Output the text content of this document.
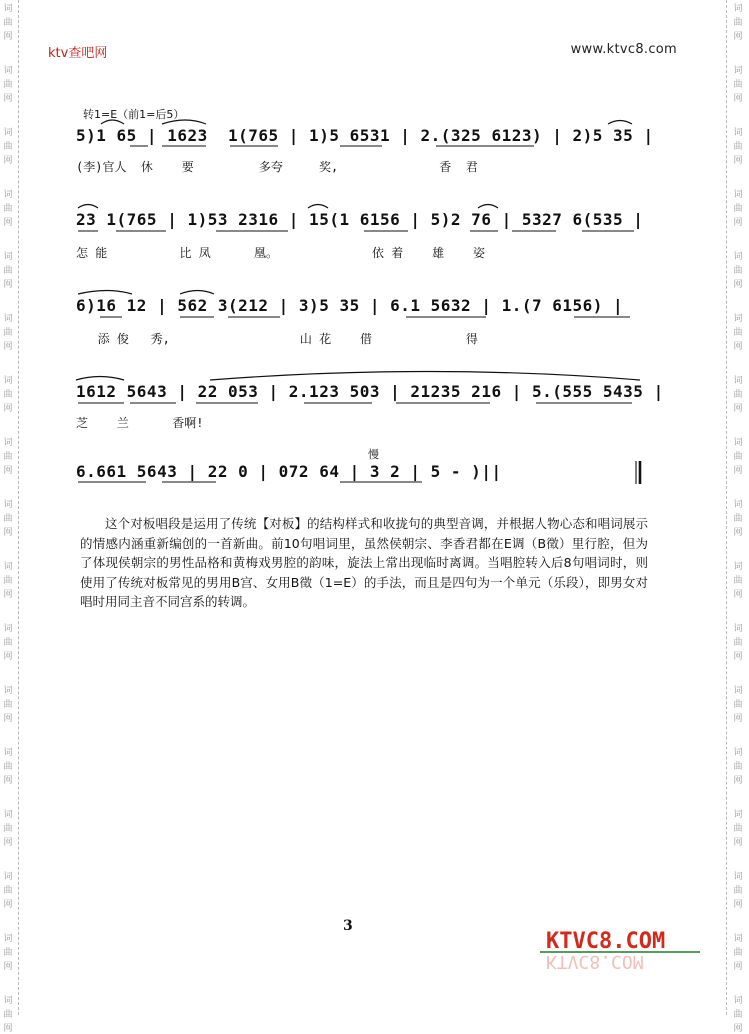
词
曲
网
词
曲
网
词
曲
网
词
曲
网
词
曲
网
词
曲
网
词
曲
网
词
曲
网
词
曲
网
词
曲
网
词
曲
网
词
曲
网
词
曲
网
词
曲
网
词
曲
网
词
曲
网
词
曲
网
词
曲
网
词
曲
网
词
曲
网
词
曲
网
词
曲
网
词
曲
网
词
曲
网
词
曲
网
词
曲
网
词
曲
网
词
曲
网
词
曲
网
词
曲
网
词
曲
网
词
曲
网
词
曲
网
词
曲
网
ktv查吧网	www.ktvc8.com
转1=E（前1=后5）
5)1 65 | 1623  1(765 | 1)5 6531 | 2.(325 6123) | 2)5 35 |
(李)官人  休    要         多夸     奖,              香  君
23 1(765 | 1)53 2316 | 15(1 6156 | 5)2 76 | 5327 6(535 |
怎 能          比 凤      凰。             依 着    雄    姿
6)16 12 | 562 3(212 | 3)5 35 | 6.1 5632 | 1.(7 6156) |
添 俊   秀,                  山 花    借             得
1612 5643 | 22 053 | 2.123 503 | 21235 216 | 5.(555 5435 |
芝    兰      香啊!
慢
6.661 5643 | 22 0 | 072 64 | 3 2 | 5 - )||
这个对板唱段是运用了传统【对板】的结构样式和收拢句的典型音调，并根据人物心态和唱词展示的情感内涵重新编创的一首新曲。前10句唱词里，虽然侯朝宗、李香君都在E调（B徵）里行腔，但为了体现侯朝宗的男性品格和黄梅戏男腔的韵味，旋法上常出现临时离调。当唱腔转入后8句唱词时，则使用了传统对板常见的男用B宫、女用B徵（1=E）的手法，而且是四句为一个单元（乐段），即男女对唱时用同主音不同宫系的转调。
3
KTVC8.COM
KTVC8.COM
